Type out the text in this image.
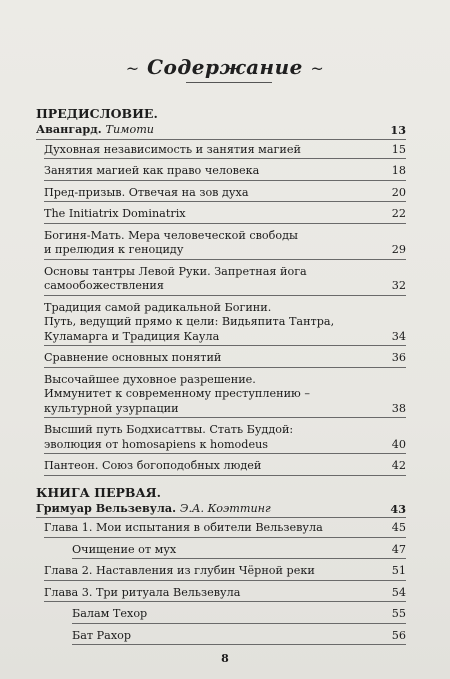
~ Содержание ~
ПРЕДИСЛОВИЕ.
Авангард. Тимоти	13
Духовная независимость и занятия магией	15
Занятия магией как право человека	18
Пред-призыв. Отвечая на зов духа	20
The Initiatrix Dominatrix	22
Богиня-Мать. Мера человеческой свободы
и прелюдия к геноциду	29
Основы тантры Левой Руки. Запретная йога
самообожествления	32
Традиция самой радикальной Богини.
Путь, ведущий прямо к цели: Видьяпита Тантра,
Куламарга и Традиция Каула	34
Сравнение основных понятий	36
Высочайшее духовное разрешение.
Иммунитет к современному преступлению –
культурной узурпации	38
Высший путь Бодхисаттвы. Стать Буддой:
эволюция от homosapiens к homodeus	40
Пантеон. Союз богоподобных людей	42
КНИГА ПЕРВАЯ.
Гримуар Вельзевула. Э.А. Коэттинг	43
Глава 1. Мои испытания в обители Вельзевула	45
Очищение от мух	47
Глава 2. Наставления из глубин Чёрной реки	51
Глава 3. Три ритуала Вельзевула	54
Балам Техор	55
Бат Рахор	56
8
